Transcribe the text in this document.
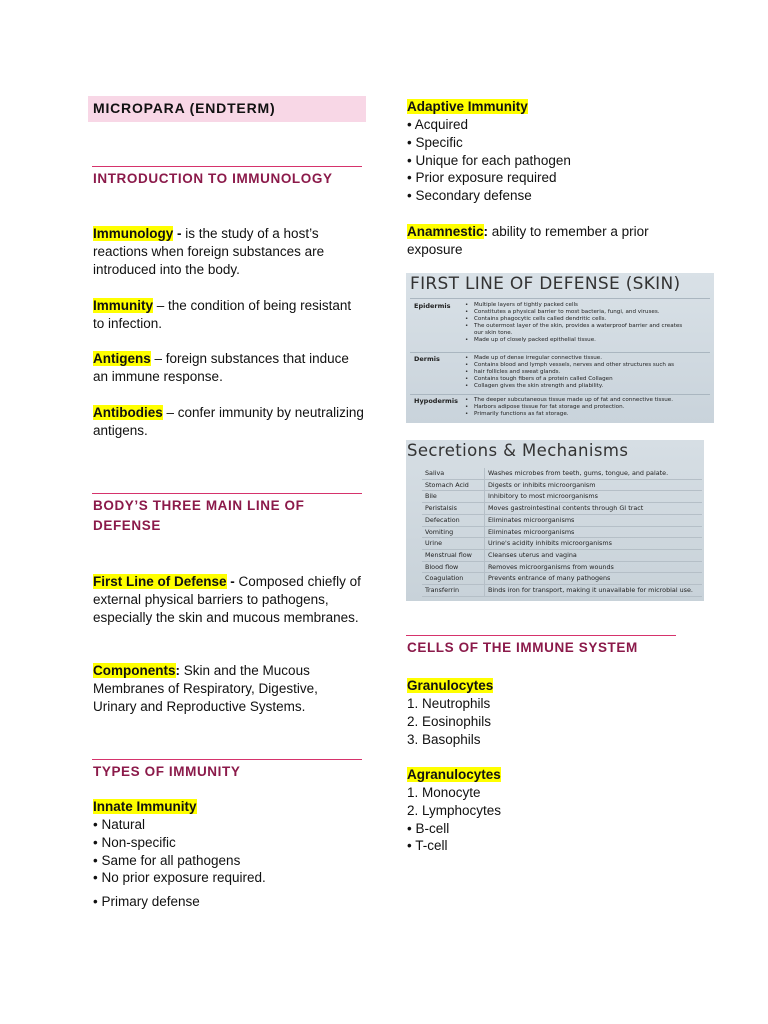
MICROPARA (ENDTERM)
INTRODUCTION TO IMMUNOLOGY
Immunology - is the study of a host’s reactions when foreign substances are introduced into the body.
Immunity – the condition of being resistant to infection.
Antigens – foreign substances that induce an immune response.
Antibodies – confer immunity by neutralizing antigens.
BODY’S THREE MAIN LINE OF DEFENSE
First Line of Defense - Composed chiefly of external physical barriers to pathogens, especially the skin and mucous membranes.
Components: Skin and the Mucous Membranes of Respiratory, Digestive, Urinary and Reproductive Systems.
TYPES OF IMMUNITY
Innate Immunity
• Natural
• Non-specific
• Same for all pathogens
• No prior exposure required.
• Primary defense
Adaptive Immunity
• Acquired
• Specific
• Unique for each pathogen
• Prior exposure required
• Secondary defense
Anamnestic: ability to remember a prior exposure
FIRST LINE OF DEFENSE (SKIN)
Epidermis	• Multiple layers of tightly packed cells
• Constitutes a physical barrier to most bacteria, fungi, and viruses.
• Contains phagocytic cells called dendritic cells.
• The outermost layer of the skin, provides a waterproof barrier and creates
our skin tone.
• Made up of closely packed epithelial tissue.
Dermis	• Made up of dense irregular connective tissue.
• Contains blood and lymph vessels, nerves and other structures such as
• hair follicles and sweat glands.
• Contains tough fibers of a protein called Collagen
• Collagen gives the skin strength and pliability.
Hypodermis	• The deeper subcutaneous tissue made up of fat and connective tissue.
• Harbors adipose tissue for fat storage and protection.
• Primarily functions as fat storage.
Secretions & Mechanisms
Saliva	Washes microbes from teeth, gums, tongue, and palate.
Stomach Acid	Digests or inhibits microorganism
Bile	Inhibitory to most microorganisms
Peristalsis	Moves gastrointestinal contents through GI tract
Defecation	Eliminates microorganisms
Vomiting	Eliminates microorganisms
Urine	Urine's acidity inhibits microorganisms
Menstrual flow	Cleanses uterus and vagina
Blood flow	Removes microorganisms from wounds
Coagulation	Prevents entrance of many pathogens
Transferrin	Binds iron for transport, making it unavailable for microbial use.
CELLS OF THE IMMUNE SYSTEM
Granulocytes
1. Neutrophils
2. Eosinophils
3. Basophils
Agranulocytes
1. Monocyte
2. Lymphocytes
• B-cell
• T-cell
